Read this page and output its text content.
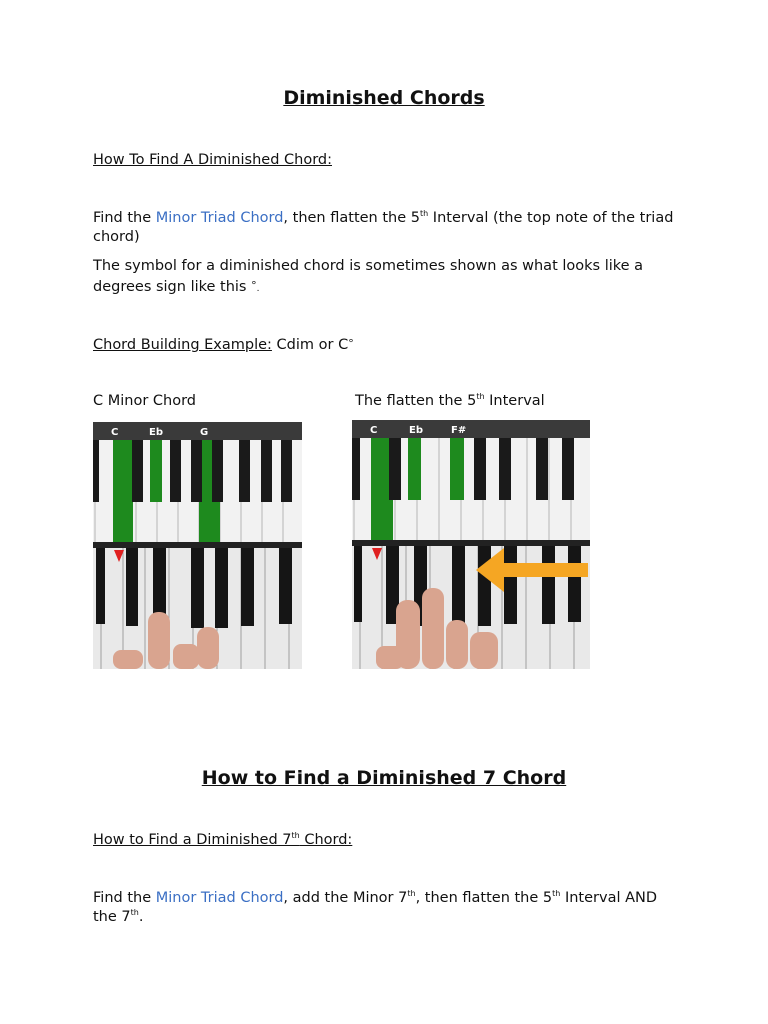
Diminished Chords
How To Find A Diminished Chord:
Find the Minor Triad Chord, then flatten the 5th Interval (the top note of the triad chord)
The symbol for a diminished chord is sometimes shown as what looks like a degrees sign like this °.
Chord Building Example: Cdim or C°
C Minor Chord	The flatten the 5th Interval
C	Eb	G	C	Eb	F#
How to Find a Diminished 7 Chord
How to Find a Diminished 7th Chord:
Find the Minor Triad Chord, add the Minor 7th, then flatten the 5th Interval AND the 7th.
